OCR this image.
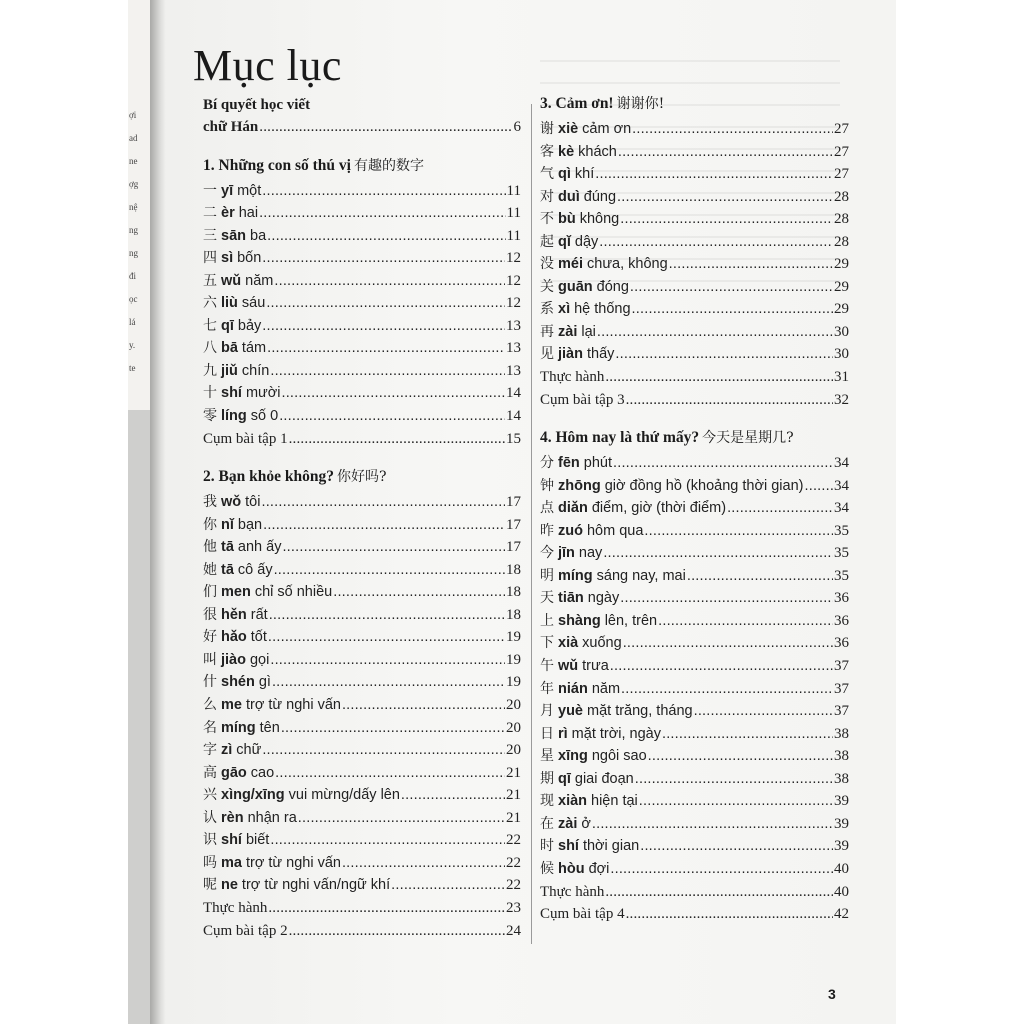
ợi
ad
ne
ợg
nệ
ng
ng
đi
ọc
lá
y.
te
Mục lục
Bí quyết học viết
chữ Hán .....	6
1. Những con số thú vị 有趣的数字
一 yī một .....	11
二 èr hai .....	11
三 sān ba .....	11
四 sì bốn .....	12
五 wǔ năm .....	12
六 liù sáu .....	12
七 qī bảy .....	13
八 bā tám .....	13
九 jiǔ chín .....	13
十 shí mười .....	14
零 líng số 0 .....	14
Cụm bài tập 1 .....	15
2. Bạn khỏe không? 你好吗?
我 wǒ tôi .....	17
你 nǐ bạn .....	17
他 tā anh ấy .....	17
她 tā cô ấy .....	18
们 men chỉ số nhiều .....	18
很 hěn rất .....	18
好 hǎo tốt .....	19
叫 jiào gọi .....	19
什 shén gì .....	19
么 me trợ từ nghi vấn .....	20
名 míng tên .....	20
字 zì chữ .....	20
高 gāo cao .....	21
兴 xìng/xīng vui mừng/dấy lên .....	21
认 rèn nhận ra .....	21
识 shí biết .....	22
吗 ma trợ từ nghi vấn .....	22
呢 ne trợ từ nghi vấn/ngữ khí .....	22
Thực hành .....	23
Cụm bài tập 2 .....	24
3. Cảm ơn! 谢谢你!
谢 xiè cảm ơn .....	27
客 kè khách .....	27
气 qì khí .....	27
对 duì đúng .....	28
不 bù không .....	28
起 qǐ dậy .....	28
没 méi chưa, không .....	29
关 guān đóng .....	29
系 xì hệ thống .....	29
再 zài lại .....	30
见 jiàn thấy .....	30
Thực hành .....	31
Cụm bài tập 3 .....	32
4. Hôm nay là thứ mấy? 今天是星期几?
分 fēn phút .....	34
钟 zhōng giờ đồng hồ (khoảng thời gian) ..... 34
点 diǎn điểm, giờ (thời điểm) .....	34
昨 zuó hôm qua .....	35
今 jīn nay .....	35
明 míng sáng nay, mai .....	35
天 tiān ngày .....	36
上 shàng lên, trên .....	36
下 xià xuống .....	36
午 wǔ trưa .....	37
年 nián năm .....	37
月 yuè mặt trăng, tháng .....	37
日 rì mặt trời, ngày .....	38
星 xīng ngôi sao .....	38
期 qī giai đoạn .....	38
现 xiàn hiện tại .....	39
在 zài ở .....	39
时 shí thời gian .....	39
候 hòu đợi .....	40
Thực hành .....	40
Cụm bài tập 4 .....	42
3
